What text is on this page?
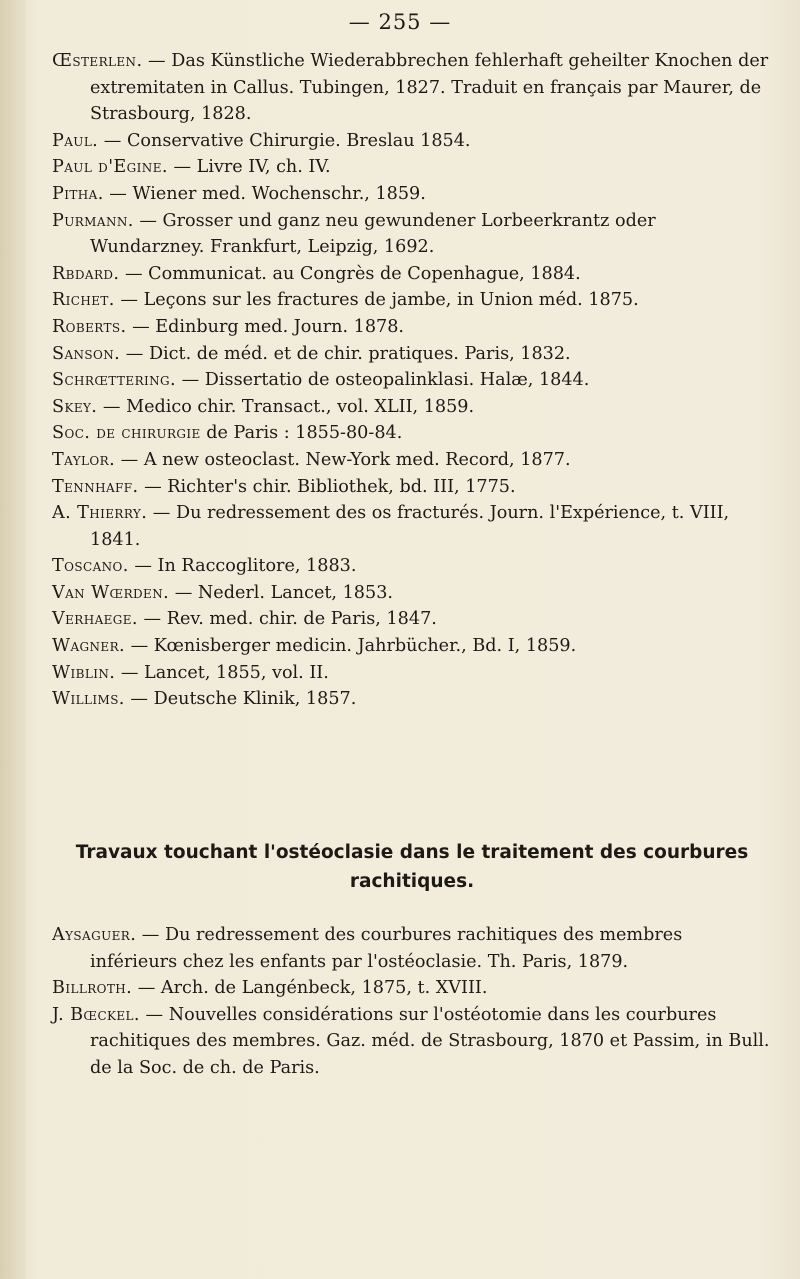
— 255 —
Œsterlen. — Das Künstliche Wiederabbrechen fehlerhaft geheilter Knochen der extremitaten in Callus. Tubingen, 1827. Traduit en français par Maurer, de Strasbourg, 1828.
Paul. — Conservative Chirurgie. Breslau 1854.
Paul d'Egine. — Livre IV, ch. IV.
Pitha. — Wiener med. Wochenschr., 1859.
Purmann. — Grosser und ganz neu gewundener Lorbeerkrantz oder Wundarzney. Frankfurt, Leipzig, 1692.
Rbdard. — Communicat. au Congrès de Copenhague, 1884.
Richet. — Leçons sur les fractures de jambe, in Union méd. 1875.
Roberts. — Edinburg med. Journ. 1878.
Sanson. — Dict. de méd. et de chir. pratiques. Paris, 1832.
Schrœttering. — Dissertatio de osteopalinklasi. Halæ, 1844.
Skey. — Medico chir. Transact., vol. XLII, 1859.
Soc. de chirurgie de Paris : 1855-80-84.
Taylor. — A new osteoclast. New-York med. Record, 1877.
Tennhaff. — Richter's chir. Bibliothek, bd. III, 1775.
A. Thierry. — Du redressement des os fracturés. Journ. l'Expérience, t. VIII, 1841.
Toscano. — In Raccoglitore, 1883.
Van Wœrden. — Nederl. Lancet, 1853.
Verhaege. — Rev. med. chir. de Paris, 1847.
Wagner. — Kœnisberger medicin. Jahrbücher., Bd. I, 1859.
Wiblin. — Lancet, 1855, vol. II.
Willims. — Deutsche Klinik, 1857.
Travaux touchant l'ostéoclasie dans le traitement des courbures rachitiques.
Aysaguer. — Du redressement des courbures rachitiques des membres inférieurs chez les enfants par l'ostéoclasie. Th. Paris, 1879.
Billroth. — Arch. de Langénbeck, 1875, t. XVIII.
J. Bœckel. — Nouvelles considérations sur l'ostéotomie dans les courbures rachitiques des membres. Gaz. méd. de Strasbourg, 1870 et Passim, in Bull. de la Soc. de ch. de Paris.
